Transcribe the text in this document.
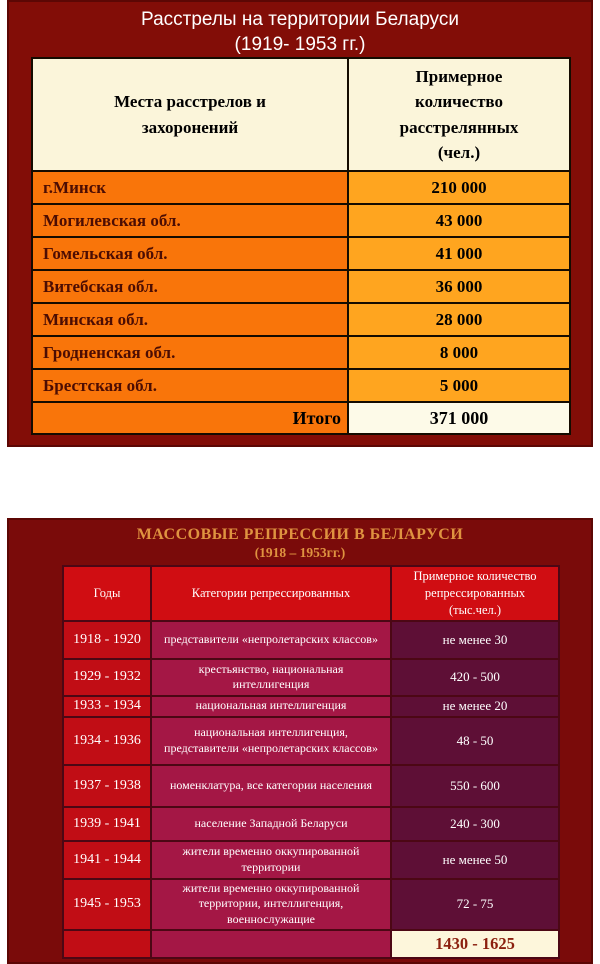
Расстрелы на территории Беларуси
(1919- 1953 гг.)
Места расстрелов и захоронений	Примерное количество расстрелянных (чел.)

г.Минск	210 000
Могилевская обл.	43 000
Гомельская обл.	41 000
Витебская обл.	36 000
Минская обл.	28 000
Гродненская обл.	8 000
Брестская обл.	5 000
Итого	371 000
МАССОВЫЕ РЕПРЕССИИ В БЕЛАРУСИ
(1918 – 1953гг.)
Годы	Категории репрессированных	Примерное количество репрессированных (тыс.чел.)

1918 - 1920	представители «непролетарских классов»	не менее 30
1929 - 1932	крестьянство, национальная интеллигенция	420 - 500
1933 - 1934	национальная интеллигенция	не менее 20
1934 - 1936	национальная интеллигенция, представители «непролетарских классов»	48 - 50
1937 - 1938	номенклатура, все категории населения	550 - 600
1939 - 1941	население Западной Беларуси	240 - 300
1941 - 1944	жители временно оккупированной территории	не менее 50
1945 - 1953	жители временно оккупированной территории, интеллигенция, военнослужащие	72 - 75
		1430 - 1625
